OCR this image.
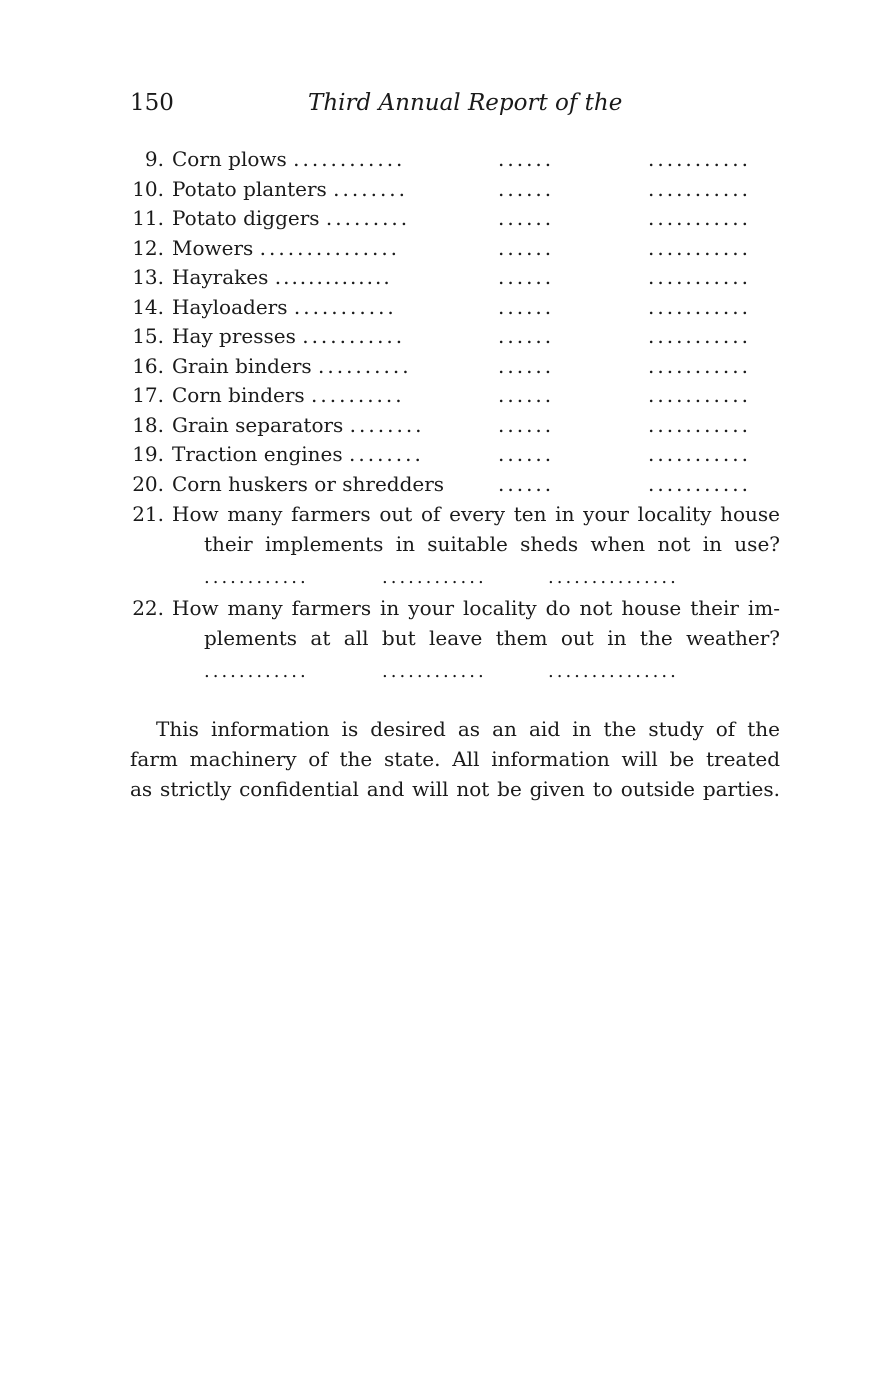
150	Third Annual Report of the
9. Corn plows ............	......	...........
10. Potato planters ........	......	...........
11. Potato diggers .........	......	...........
12. Mowers ...............	......	...........
13. Hayrakes ..............	......	...........
14. Hayloaders ...........	......	...........
15. Hay presses ...........	......	...........
16. Grain binders ..........	......	...........
17. Corn binders ..........	......	...........
18. Grain separators ........	......	...........
19. Traction engines ........	......	...........
20. Corn huskers or shredders	......	...........
21. How many farmers out of every ten in your locality house
their implements in suitable sheds when not in use?
............	............	...............
22. How many farmers in your locality do not house their im-
plements at all but leave them out in the weather?
............	............	...............
This information is desired as an aid in the study of the
farm machinery of the state. All information will be treated
as strictly confidential and will not be given to outside parties.
